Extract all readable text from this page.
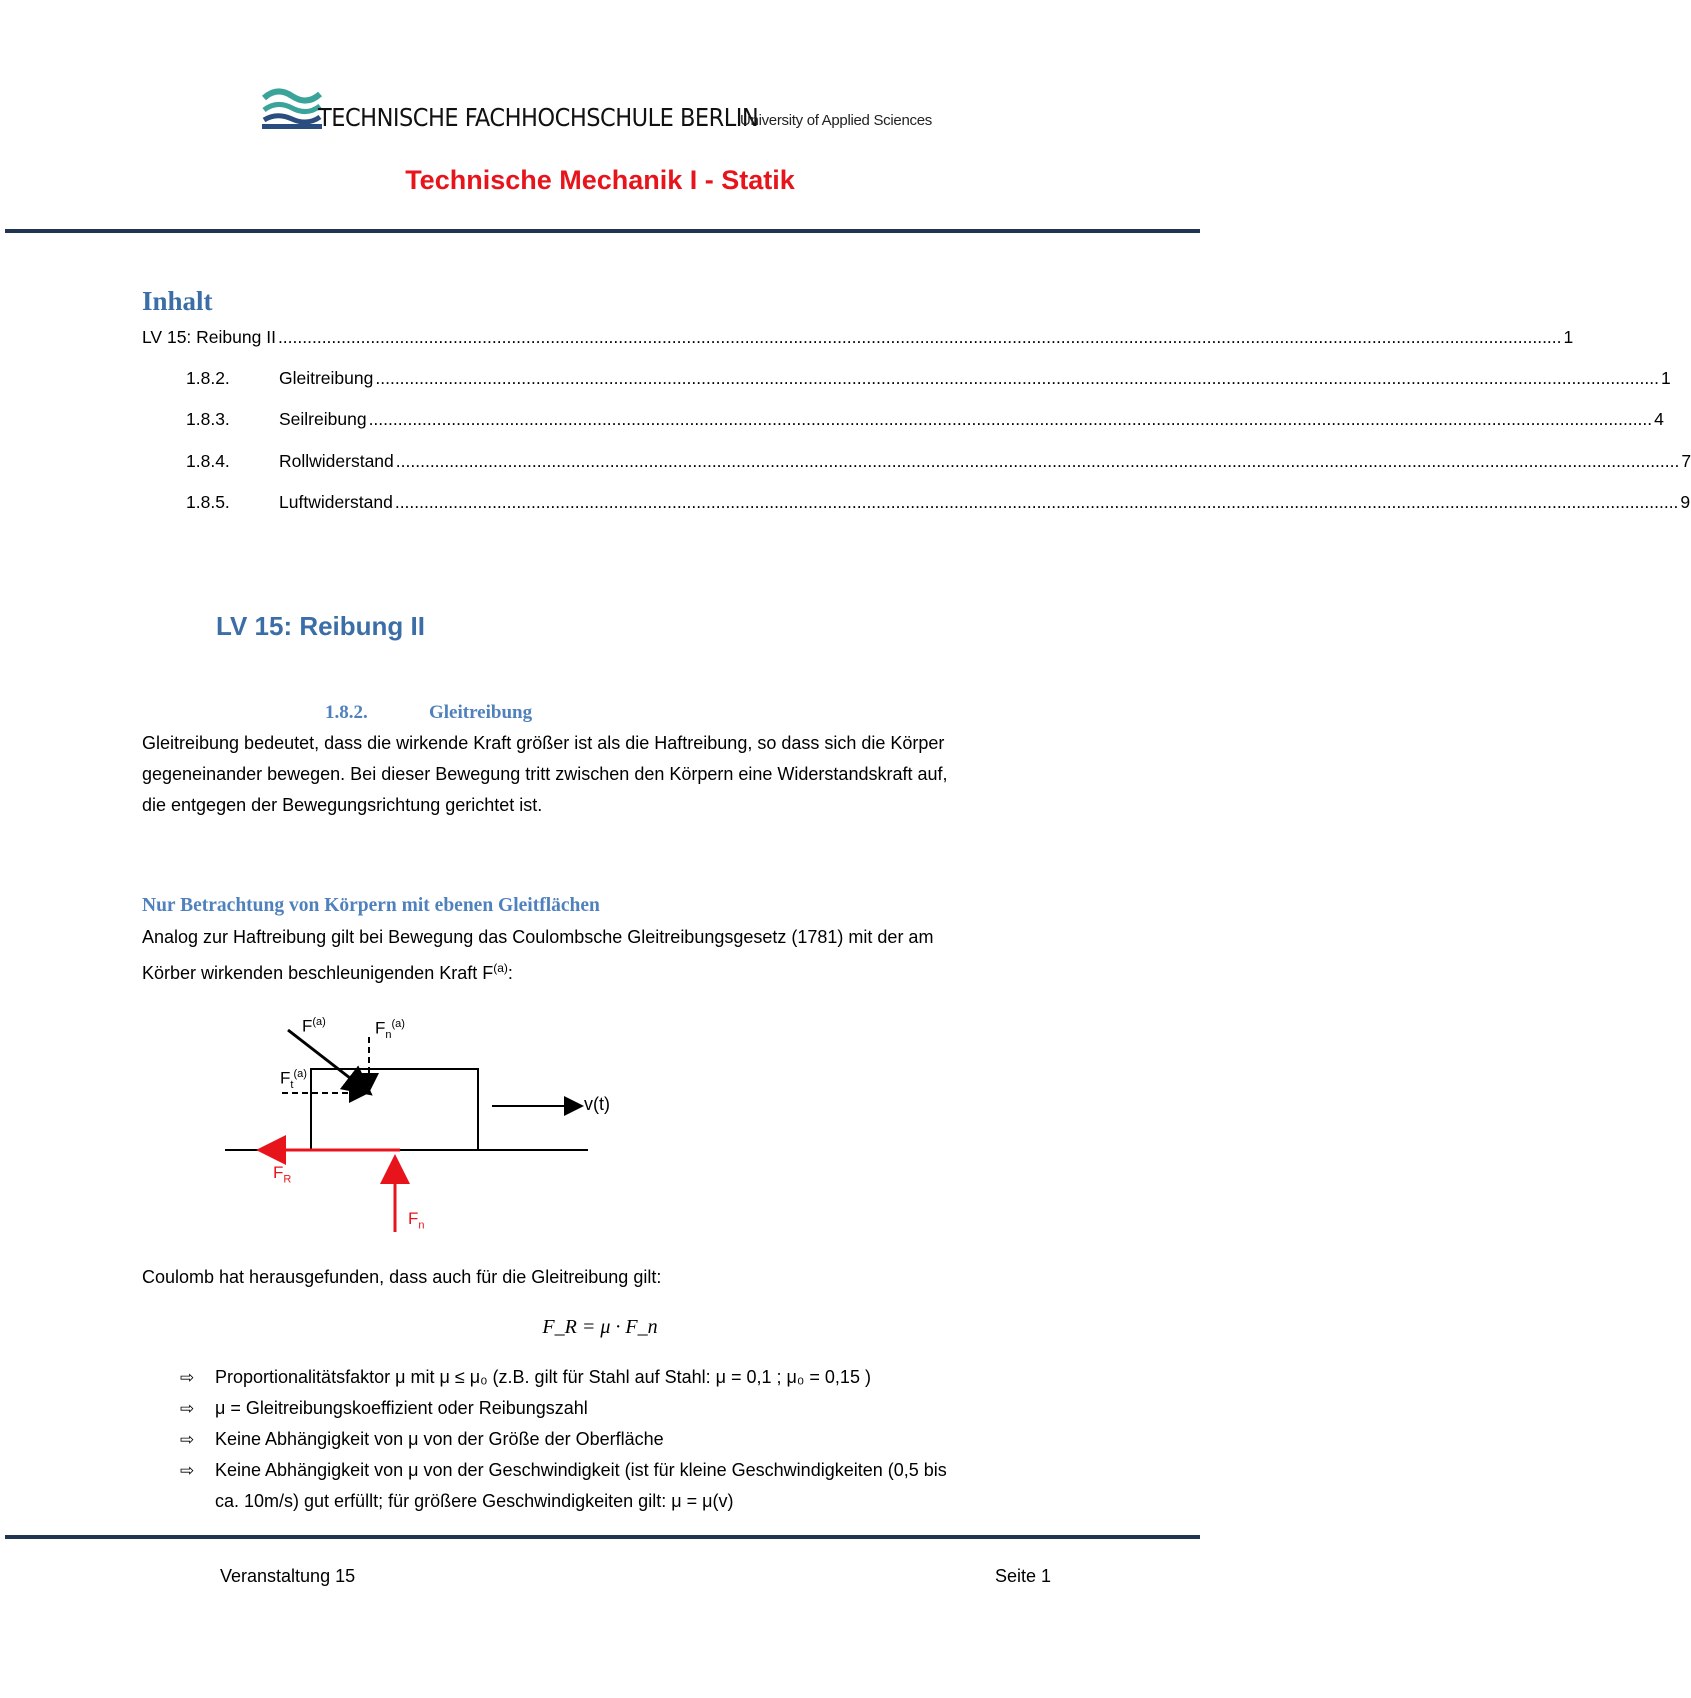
TECHNISCHE FACHHOCHSCHULE BERLIN
University of Applied Sciences
Technische Mechanik I - Statik
Inhalt
LV 15: Reibung II ........................................................................................................................................................................................................................................................................ 1
1.8.2.	Gleitreibung ........................................................................................................................................................................................................................................................................ 1
1.8.3.	Seilreibung ........................................................................................................................................................................................................................................................................ 4
1.8.4.	Rollwiderstand ........................................................................................................................................................................................................................................................................ 7
1.8.5.	Luftwiderstand ........................................................................................................................................................................................................................................................................ 9
LV 15: Reibung II
1.8.2.	Gleitreibung
Gleitreibung bedeutet, dass die wirkende Kraft größer ist als die Haftreibung, so dass sich die Körper
gegeneinander bewegen. Bei dieser Bewegung tritt zwischen den Körpern eine Widerstandskraft auf,
die entgegen der Bewegungsrichtung gerichtet ist.
Nur Betrachtung von Körpern mit ebenen Gleitflächen
Analog zur Haftreibung gilt bei Bewegung das Coulombsche Gleitreibungsgesetz (1781) mit der am
Körber wirkenden beschleunigenden Kraft $F^{(a)}$:
$F^{(a)}$	$F_n^{(a)}$
$F_t^{(a)}$
v(t)
$F_R$
$F_n$
Coulomb hat herausgefunden, dass auch für die Gleitreibung gilt:
F_R = μ · F_n
⇨	Proportionalitätsfaktor μ mit μ ≤ μ₀ (z.B. gilt für Stahl auf Stahl: μ = 0,1 ; μ₀ = 0,15 )
⇨	μ = Gleitreibungskoeffizient oder Reibungszahl
⇨	Keine Abhängigkeit von μ von der Größe der Oberfläche
⇨	Keine Abhängigkeit von μ von der Geschwindigkeit (ist für kleine Geschwindigkeiten (0,5 bis
ca. 10m/s) gut erfüllt; für größere Geschwindigkeiten gilt: μ = μ(v)
Veranstaltung 15	Seite 1
